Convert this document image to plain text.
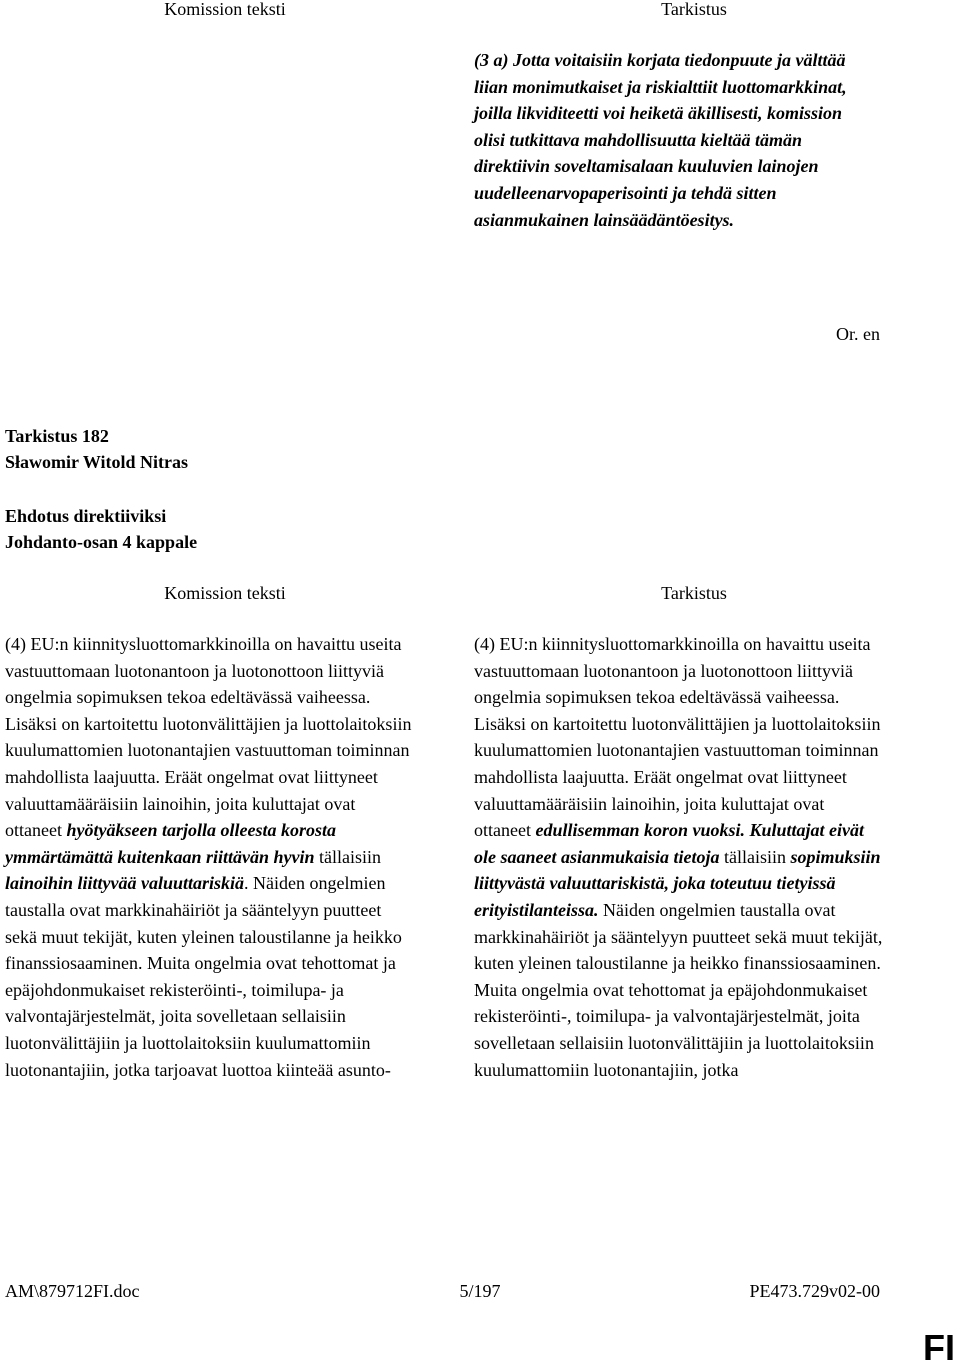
Komission teksti	Tarkistus

(3 a) Jotta voitaisiin korjata tiedonpuute ja välttää liian monimutkaiset ja riskialttiit luottomarkkinat, joilla likviditeetti voi heiketä äkillisesti, komission olisi tutkittava mahdollisuutta kieltää tämän direktiivin soveltamisalaan kuuluvien lainojen uudelleenarvopaperisointi ja tehdä sitten asianmukainen lainsäädäntöesitys.

Or. en
Tarkistus 182
Sławomir Witold Nitras
Ehdotus direktiiviksi
Johdanto-osan 4 kappale
Komission teksti	Tarkistus

(4) EU:n kiinnitysluottomarkkinoilla on havaittu useita vastuuttomaan luotonantoon ja luotonottoon liittyviä ongelmia sopimuksen tekoa edeltävässä vaiheessa. Lisäksi on kartoitettu luotonvälittäjien ja luottolaitoksiin kuulumattomien luotonantajien vastuuttoman toiminnan mahdollista laajuutta. Eräät ongelmat ovat liittyneet valuuttamääräisiin lainoihin, joita kuluttajat ovat ottaneet hyötyäkseen tarjolla olleesta korosta ymmärtämättä kuitenkaan riittävän hyvin tällaisiin lainoihin liittyvää valuuttariskiä. Näiden ongelmien taustalla ovat markkinahäiriöt ja sääntelyyn puutteet sekä muut tekijät, kuten yleinen taloustilanne ja heikko finanssiosaaminen. Muita ongelmia ovat tehottomat ja epäjohdonmukaiset rekisteröinti-, toimilupa- ja valvontajärjestelmät, joita sovelletaan sellaisiin luotonvälittäjiin ja luottolaitoksiin kuulumattomiin luotonantajiin, jotka tarjoavat luottoa kiinteää asunto-

(4) EU:n kiinnitysluottomarkkinoilla on havaittu useita vastuuttomaan luotonantoon ja luotonottoon liittyviä ongelmia sopimuksen tekoa edeltävässä vaiheessa. Lisäksi on kartoitettu luotonvälittäjien ja luottolaitoksiin kuulumattomien luotonantajien vastuuttoman toiminnan mahdollista laajuutta. Eräät ongelmat ovat liittyneet valuuttamääräisiin lainoihin, joita kuluttajat ovat ottaneet edullisemman koron vuoksi. Kuluttajat eivät ole saaneet asianmukaisia tietoja tällaisiin sopimuksiin liittyvästä valuuttariskistä, joka toteutuu tietyissä erityistilanteissa. Näiden ongelmien taustalla ovat markkinahäiriöt ja sääntelyyn puutteet sekä muut tekijät, kuten yleinen taloustilanne ja heikko finanssiosaaminen. Muita ongelmia ovat tehottomat ja epäjohdonmukaiset rekisteröinti-, toimilupa- ja valvontajärjestelmät, joita sovelletaan sellaisiin luotonvälittäjiin ja luottolaitoksiin kuulumattomiin luotonantajiin, jotka

AM\879712FI.doc	5/197	PE473.729v02-00
FI
